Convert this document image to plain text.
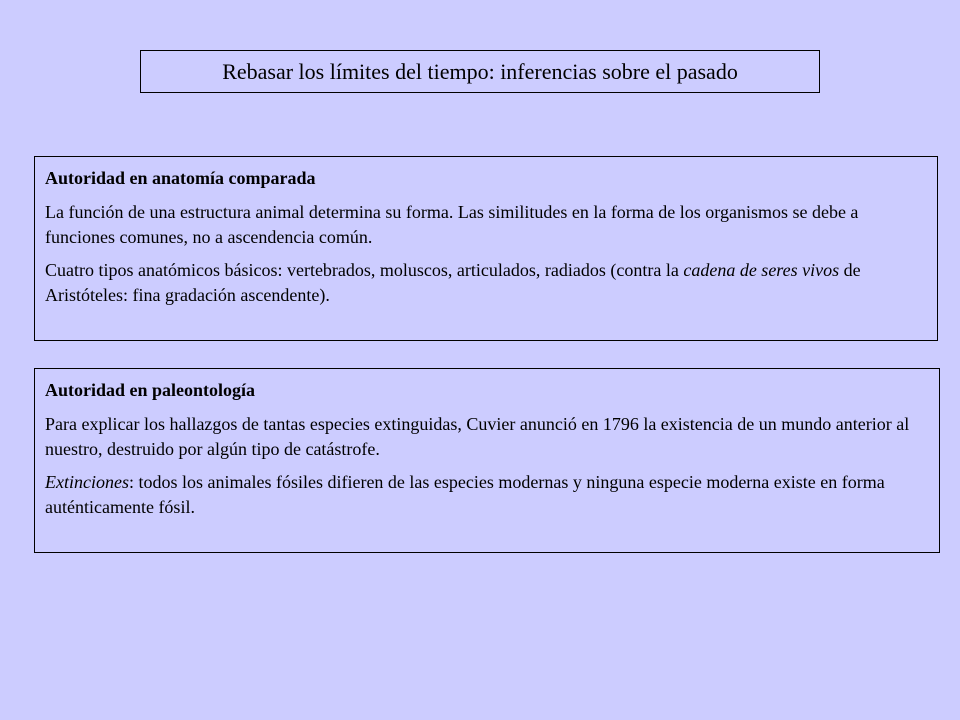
Rebasar los límites del tiempo: inferencias sobre el pasado
Autoridad en anatomía comparada

La función de una estructura animal determina su forma. Las similitudes en la forma de los organismos se debe a funciones comunes, no a ascendencia común.

Cuatro tipos anatómicos básicos: vertebrados, moluscos, articulados, radiados (contra la cadena de seres vivos de Aristóteles: fina gradación ascendente).

Autoridad en paleontología

Para explicar los hallazgos de tantas especies extinguidas, Cuvier anunció en 1796 la existencia de un mundo anterior al nuestro, destruido por algún tipo de catástrofe.

Extinciones: todos los animales fósiles difieren de las especies modernas y ninguna especie moderna existe en forma auténticamente fósil.
